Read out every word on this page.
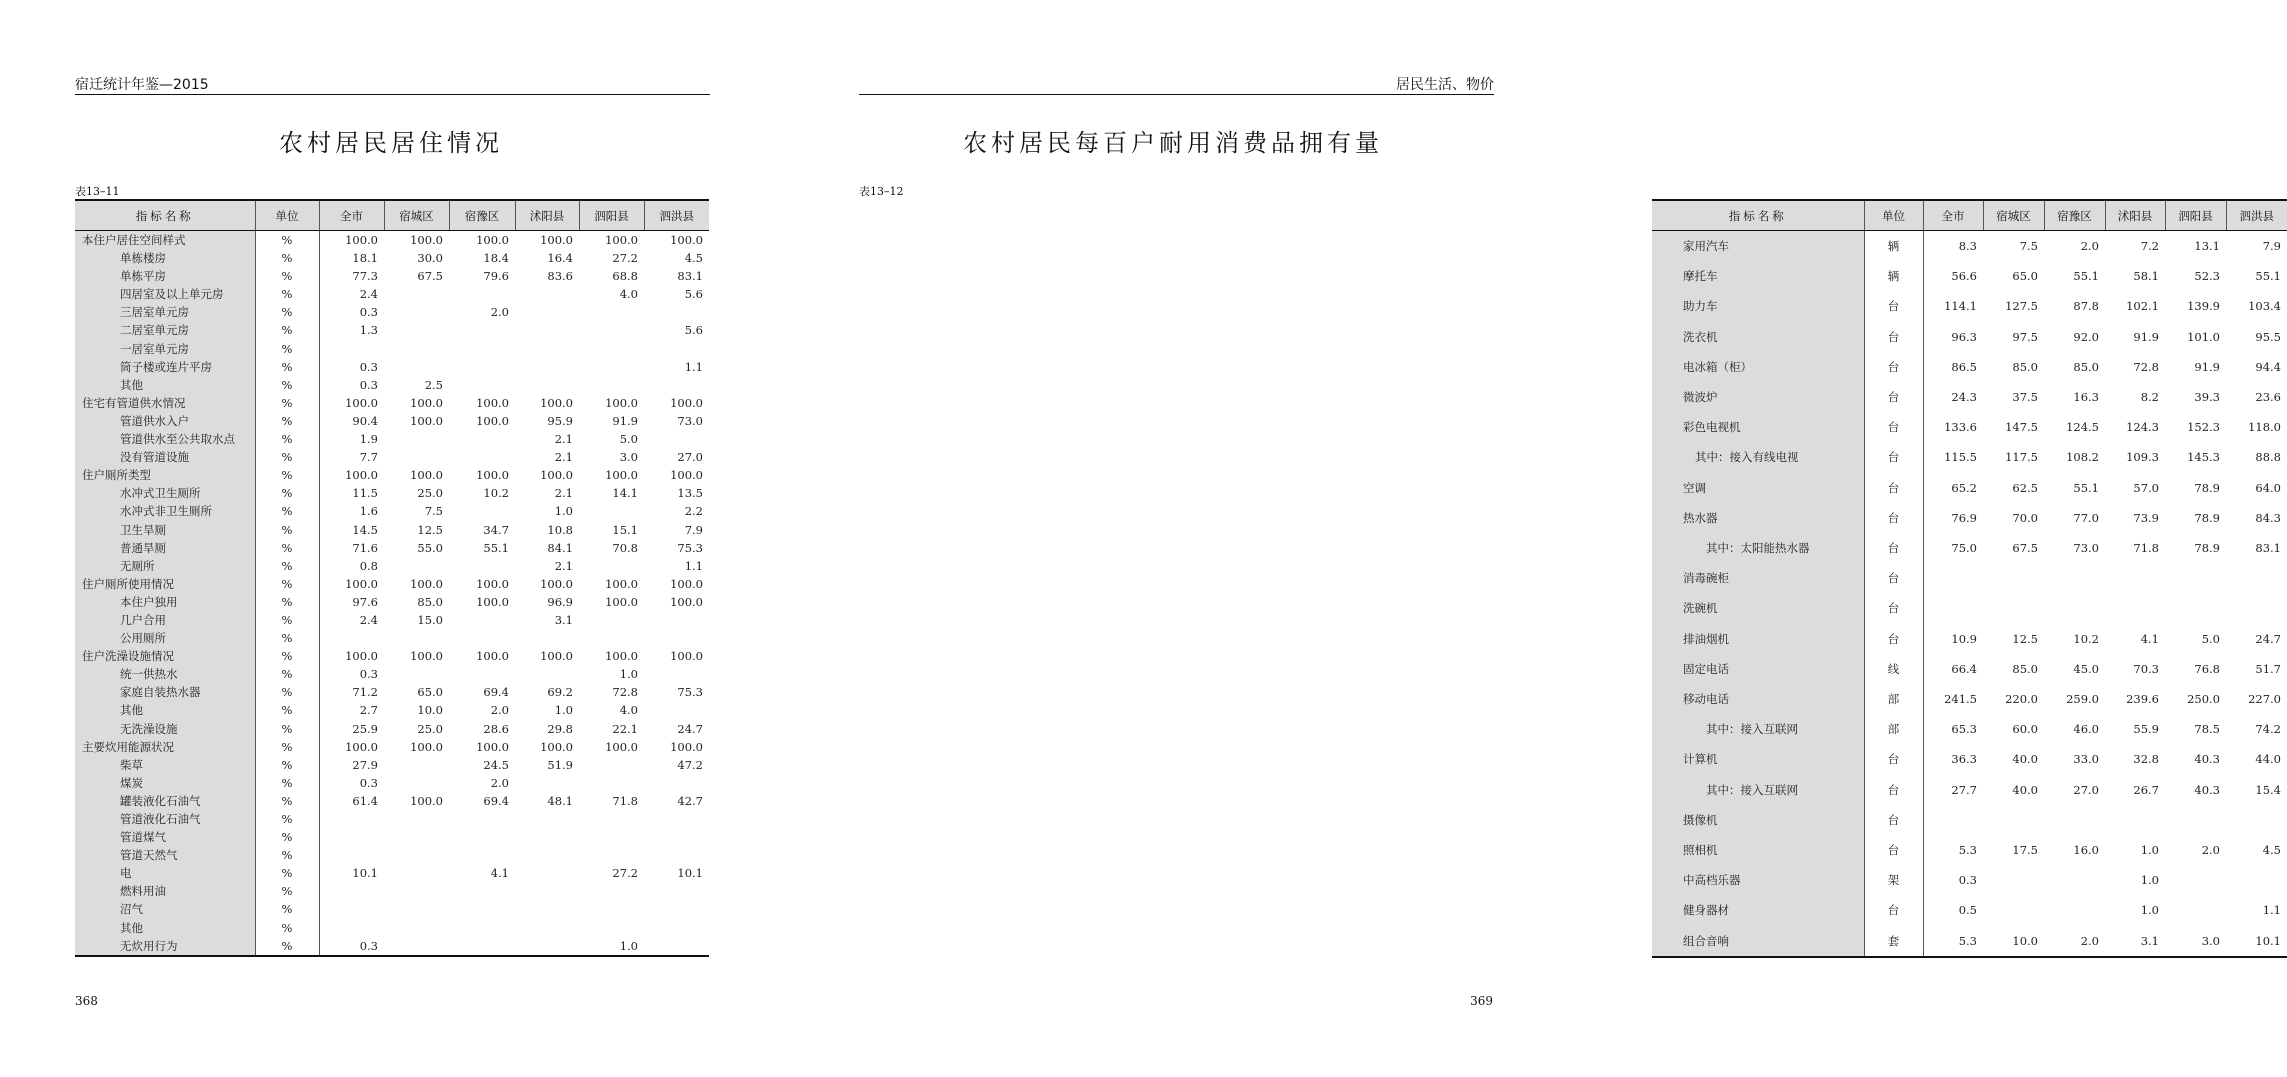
宿迁统计年鉴—2015
农村居民居住情况
表13–11
指标名称	单位	全市	宿城区	宿豫区	沭阳县	泗阳县	泗洪县
本住户居住空间样式	%	100.0	100.0	100.0	100.0	100.0	100.0
单栋楼房	%	18.1	30.0	18.4	16.4	27.2	4.5
单栋平房	%	77.3	67.5	79.6	83.6	68.8	83.1
四居室及以上单元房	%	2.4				4.0	5.6
三居室单元房	%	0.3		2.0			
二居室单元房	%	1.3					5.6
一居室单元房	%						
筒子楼或连片平房	%	0.3					1.1
其他	%	0.3	2.5				
住宅有管道供水情况	%	100.0	100.0	100.0	100.0	100.0	100.0
管道供水入户	%	90.4	100.0	100.0	95.9	91.9	73.0
管道供水至公共取水点	%	1.9			2.1	5.0	
没有管道设施	%	7.7			2.1	3.0	27.0
住户厕所类型	%	100.0	100.0	100.0	100.0	100.0	100.0
水冲式卫生厕所	%	11.5	25.0	10.2	2.1	14.1	13.5
水冲式非卫生厕所	%	1.6	7.5		1.0		2.2
卫生旱厕	%	14.5	12.5	34.7	10.8	15.1	7.9
普通旱厕	%	71.6	55.0	55.1	84.1	70.8	75.3
无厕所	%	0.8			2.1		1.1
住户厕所使用情况	%	100.0	100.0	100.0	100.0	100.0	100.0
本住户独用	%	97.6	85.0	100.0	96.9	100.0	100.0
几户合用	%	2.4	15.0		3.1		
公用厕所	%						
住户洗澡设施情况	%	100.0	100.0	100.0	100.0	100.0	100.0
统一供热水	%	0.3				1.0	
家庭自装热水器	%	71.2	65.0	69.4	69.2	72.8	75.3
其他	%	2.7	10.0	2.0	1.0	4.0	
无洗澡设施	%	25.9	25.0	28.6	29.8	22.1	24.7
主要炊用能源状况	%	100.0	100.0	100.0	100.0	100.0	100.0
柴草	%	27.9		24.5	51.9		47.2
煤炭	%	0.3		2.0			
罐装液化石油气	%	61.4	100.0	69.4	48.1	71.8	42.7
管道液化石油气	%						
管道煤气	%						
管道天然气	%						
电	%	10.1		4.1		27.2	10.1
燃料用油	%						
沼气	%						
其他	%						
无炊用行为	%	0.3				1.0	
368
居民生活、物价
农村居民每百户耐用消费品拥有量
表13–12
指标名称	单位	全市	宿城区	宿豫区	沭阳县	泗阳县	泗洪县
家用汽车	辆	8.3	7.5	2.0	7.2	13.1	7.9
摩托车	辆	56.6	65.0	55.1	58.1	52.3	55.1
助力车	台	114.1	127.5	87.8	102.1	139.9	103.4
洗衣机	台	96.3	97.5	92.0	91.9	101.0	95.5
电冰箱（柜）	台	86.5	85.0	85.0	72.8	91.9	94.4
微波炉	台	24.3	37.5	16.3	8.2	39.3	23.6
彩色电视机	台	133.6	147.5	124.5	124.3	152.3	118.0
其中：接入有线电视	台	115.5	117.5	108.2	109.3	145.3	88.8
空调	台	65.2	62.5	55.1	57.0	78.9	64.0
热水器	台	76.9	70.0	77.0	73.9	78.9	84.3
其中：太阳能热水器	台	75.0	67.5	73.0	71.8	78.9	83.1
消毒碗柜	台						
洗碗机	台						
排油烟机	台	10.9	12.5	10.2	4.1	5.0	24.7
固定电话	线	66.4	85.0	45.0	70.3	76.8	51.7
移动电话	部	241.5	220.0	259.0	239.6	250.0	227.0
其中：接入互联网	部	65.3	60.0	46.0	55.9	78.5	74.2
计算机	台	36.3	40.0	33.0	32.8	40.3	44.0
其中：接入互联网	台	27.7	40.0	27.0	26.7	40.3	15.4
摄像机	台						
照相机	台	5.3	17.5	16.0	1.0	2.0	4.5
中高档乐器	架	0.3			1.0		
健身器材	台	0.5			1.0		1.1
组合音响	套	5.3	10.0	2.0	3.1	3.0	10.1
369
